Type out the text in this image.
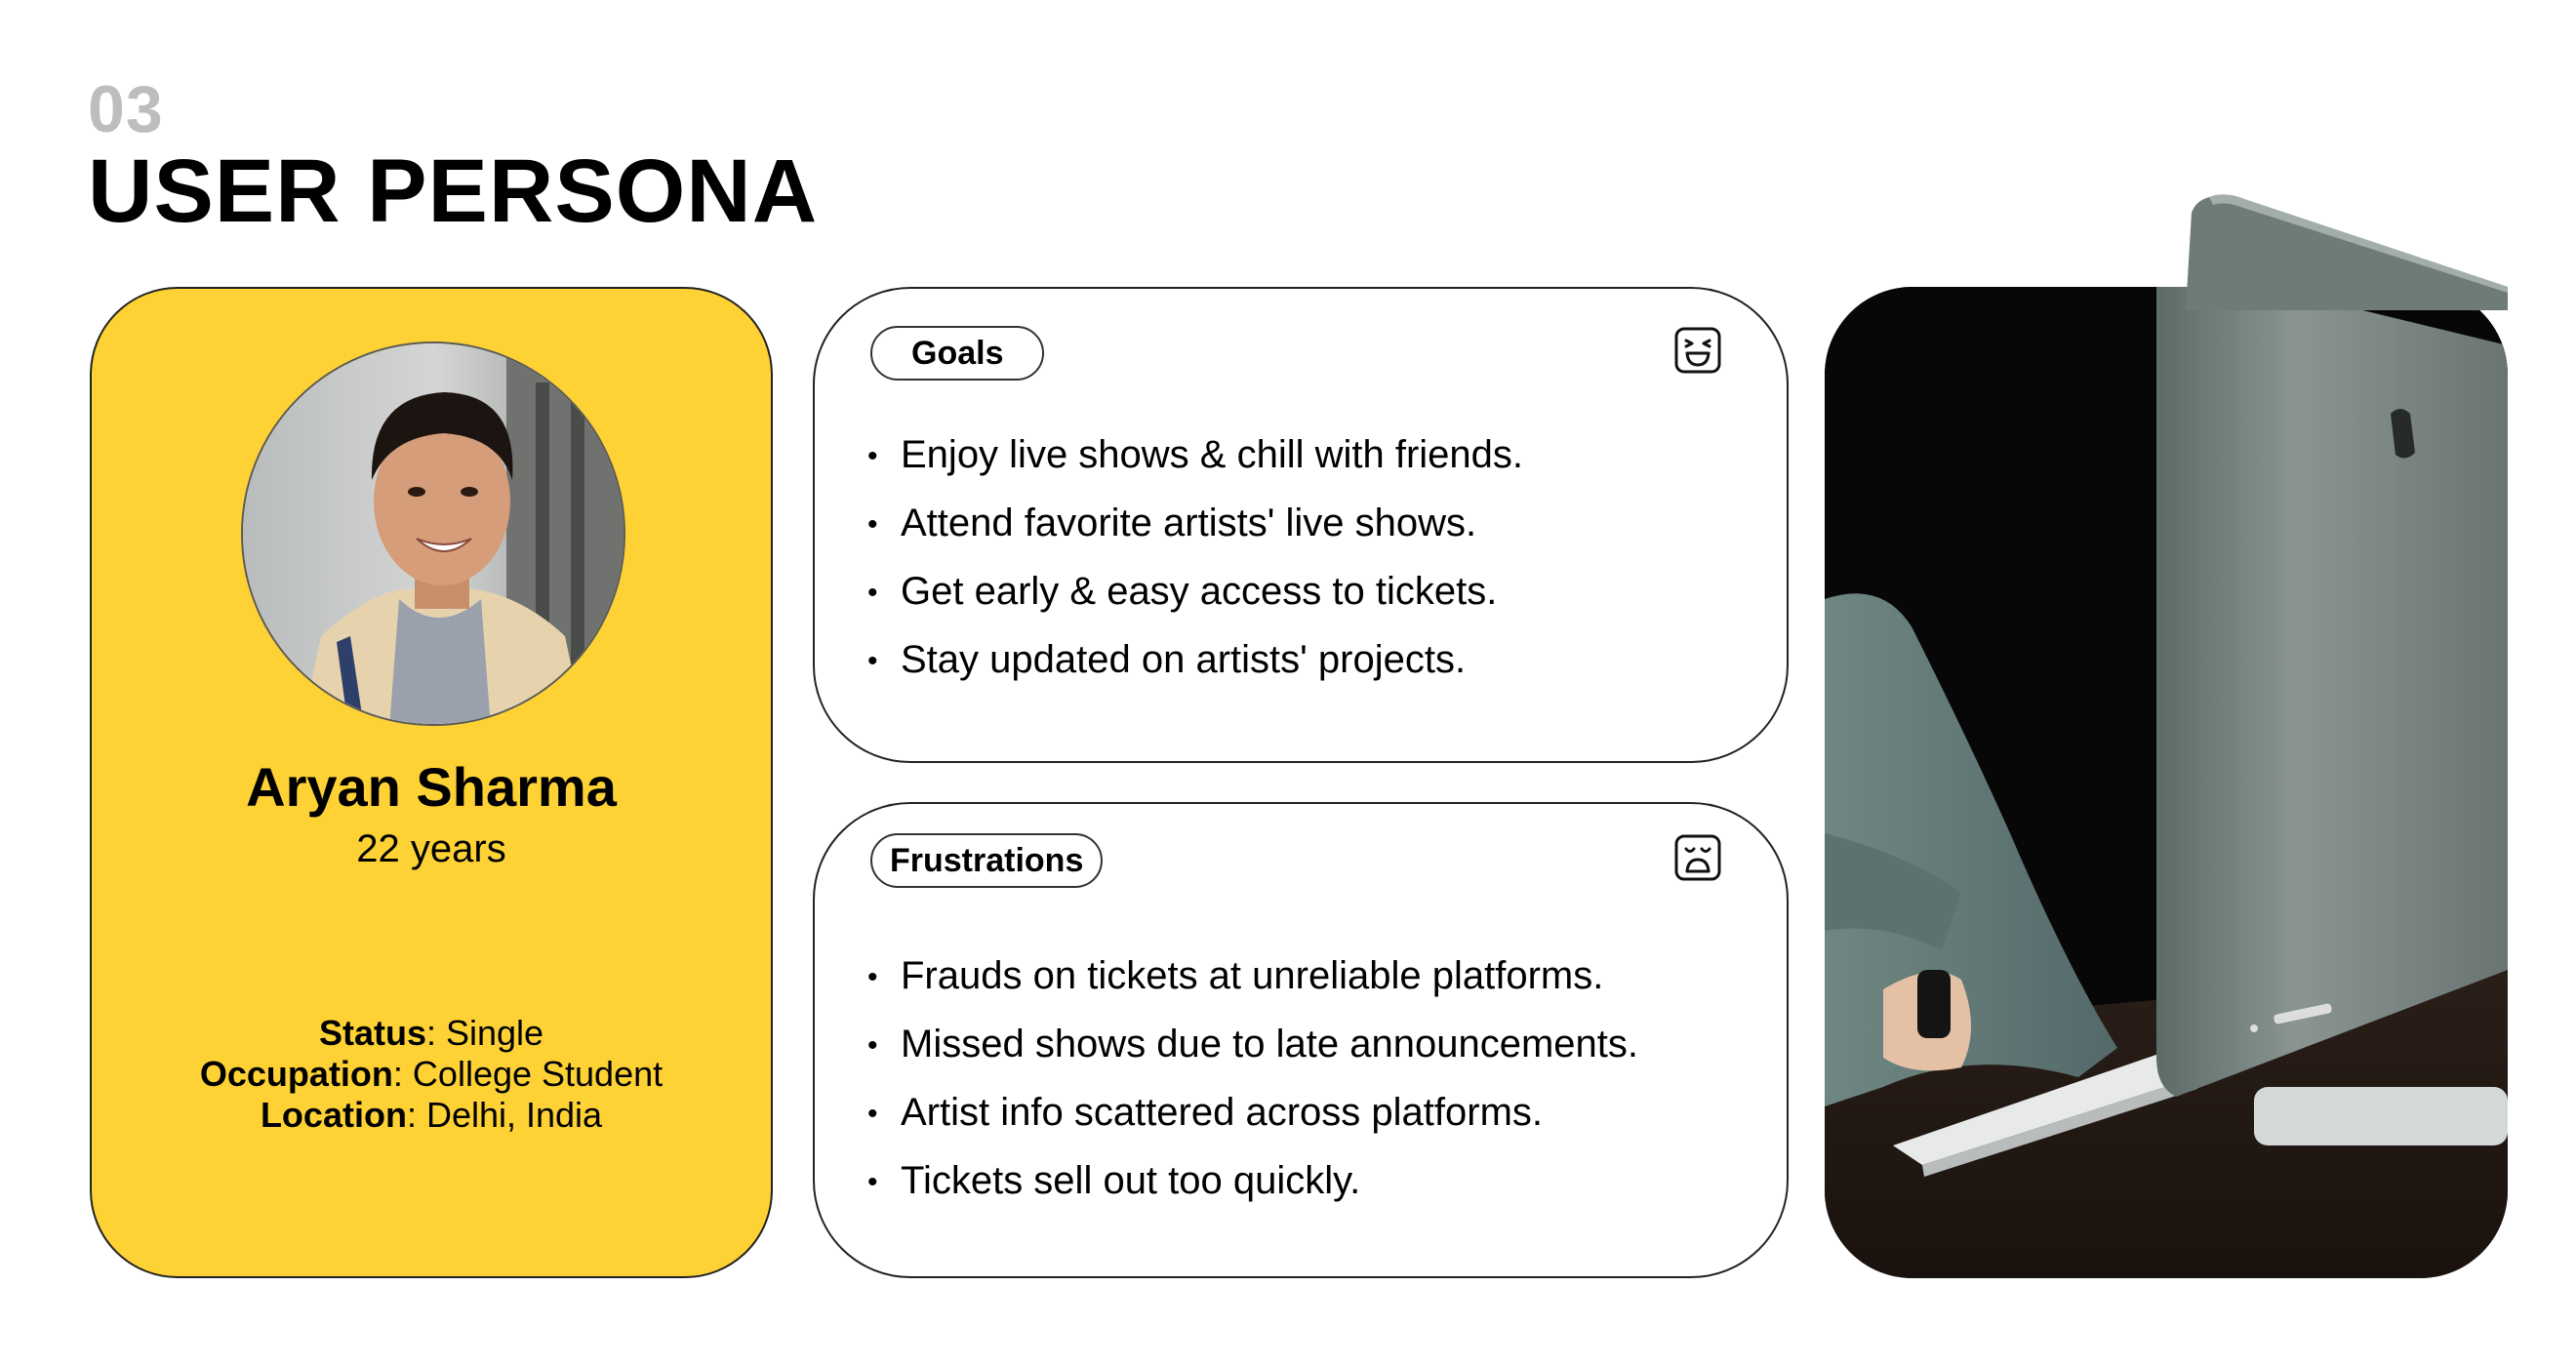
03
USER PERSONA
Aryan Sharma
22 years
Status: Single
Occupation: College Student
Location: Delhi, India
Goals
• Enjoy live shows & chill with friends.
• Attend favorite artists' live shows.
• Get early & easy access to tickets.
• Stay updated on artists' projects.
Frustrations
• Frauds on tickets at unreliable platforms.
• Missed shows due to late announcements.
• Artist info scattered across platforms.
• Tickets sell out too quickly.
